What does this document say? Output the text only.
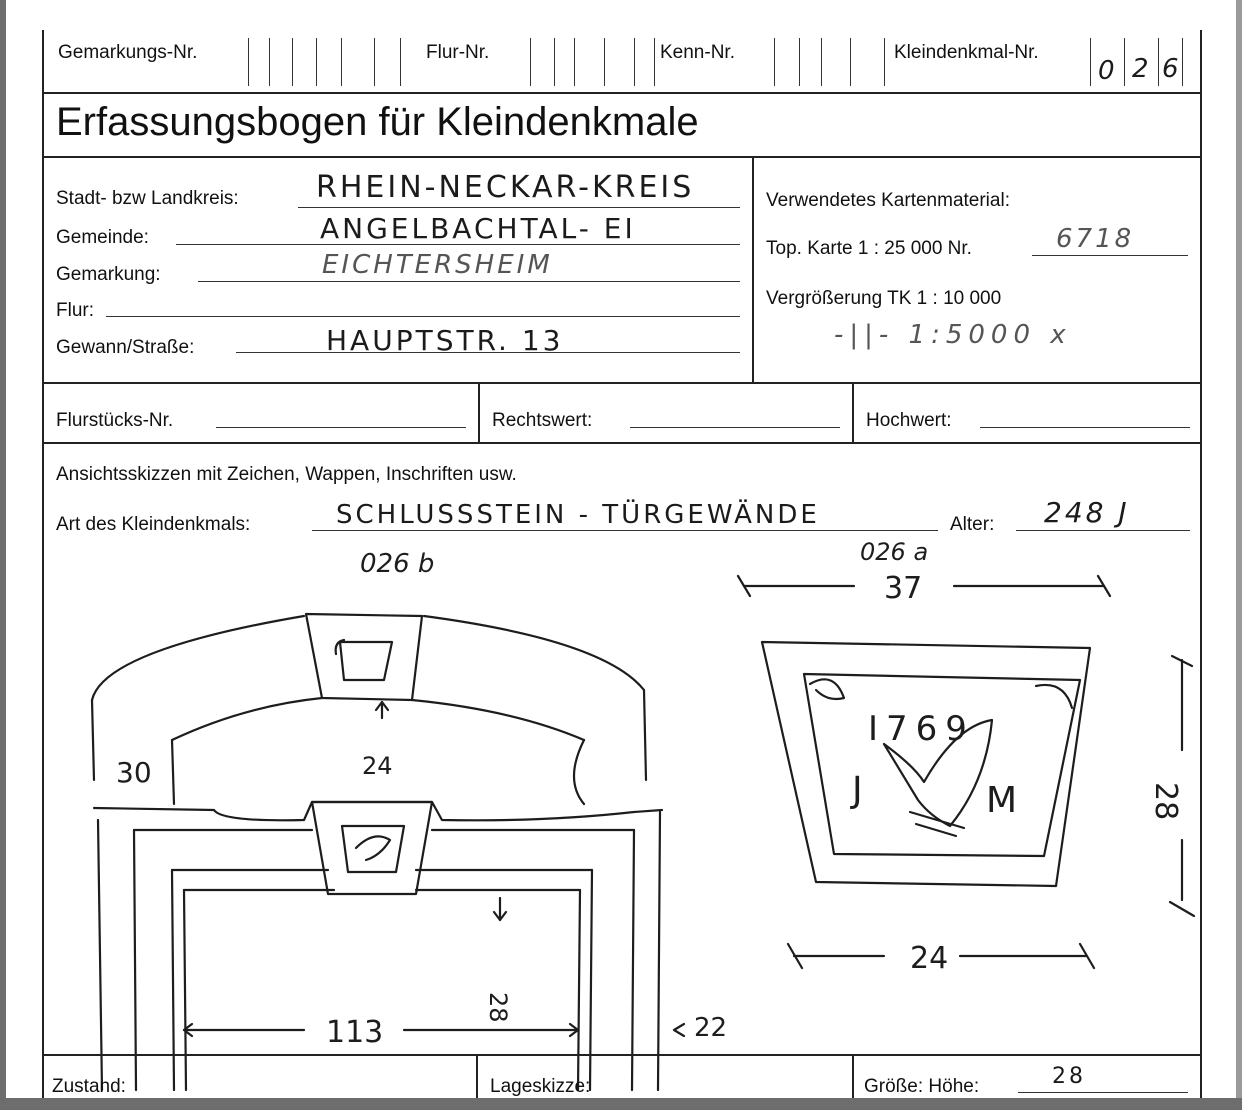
Gemarkungs-Nr.	Flur-Nr.	Kenn-Nr.	Kleindenkmal-Nr.
0 2 6
Erfassungsbogen für Kleindenkmale
Stadt- bzw Landkreis:	RHEIN-NECKAR-KREIS
Gemeinde:	ANGELBACHTAL- EI
Gemarkung:	EICHTERSHEIM
Flur:
Gewann/Straße:	HAUPTSTR. 13
Verwendetes Kartenmaterial:
Top. Karte 1 : 25 000 Nr.	6718
Vergrößerung TK 1 : 10 000
-||- 1:5000 x
Flurstücks-Nr.	Rechtswert:	Hochwert:
Ansichtsskizzen mit Zeichen, Wappen, Inschriften usw.
Art des Kleindenkmals:	SCHLUSSSTEIN - TÜRGEWÄNDE	Alter: 248 J
026 b
30	24
28
113	22
026 a
37
I769
J	M	28
24
Zustand:	Lageskizze:	Größe: Höhe:	28
